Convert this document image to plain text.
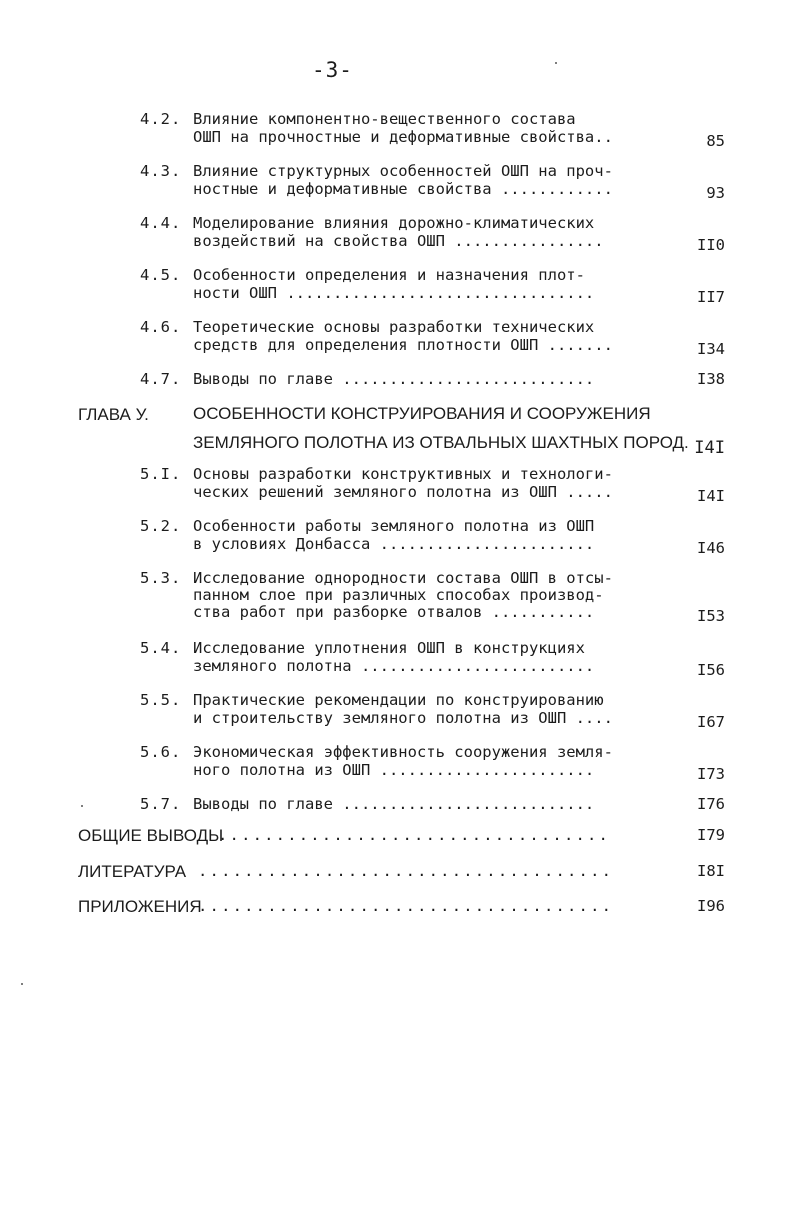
-3-
4.2. Влияние компонентно-вещественного состава
ОШП на прочностные и деформативные свойства..	85
4.3. Влияние структурных особенностей ОШП на проч-
ностные и деформативные свойства ............	93
4.4. Моделирование влияния дорожно-климатических
воздействий на свойства ОШП ................	II0
4.5. Особенности определения и назначения плот-
ности ОШП .................................	II7
4.6. Теоретические основы разработки технических
средств для определения плотности ОШП .......	I34
4.7. Выводы по главе ...........................	I38
ГЛАВА У.	ОСОБЕННОСТИ КОНСТРУИРОВАНИЯ И СООРУЖЕНИЯ
ЗЕМЛЯНОГО ПОЛОТНА ИЗ ОТВАЛЬНЫХ ШАХТНЫХ ПОРОД. I4I
5.I. Основы разработки конструктивных и технологи-
ческих решений земляного полотна из ОШП .....	I4I
5.2. Особенности работы земляного полотна из ОШП
в условиях Донбасса .......................	I46
5.3. Исследование однородности состава ОШП в отсы-
панном слое при различных способах производ-
ства работ при разборке отвалов ...........	I53
5.4. Исследование уплотнения ОШП в конструкциях
земляного полотна .........................	I56
5.5. Практические рекомендации по конструированию
и строительству земляного полотна из ОШП ....	I67
5.6. Экономическая эффективность сооружения земля-
ного полотна из ОШП .......................	I73
5.7. Выводы по главе ...........................	I76
ОБЩИЕ ВЫВОДЫ
..................................	I79
ЛИТЕРАТУРА ....................................	I8I
ПРИЛОЖЕНИЯ
....................................	I96
